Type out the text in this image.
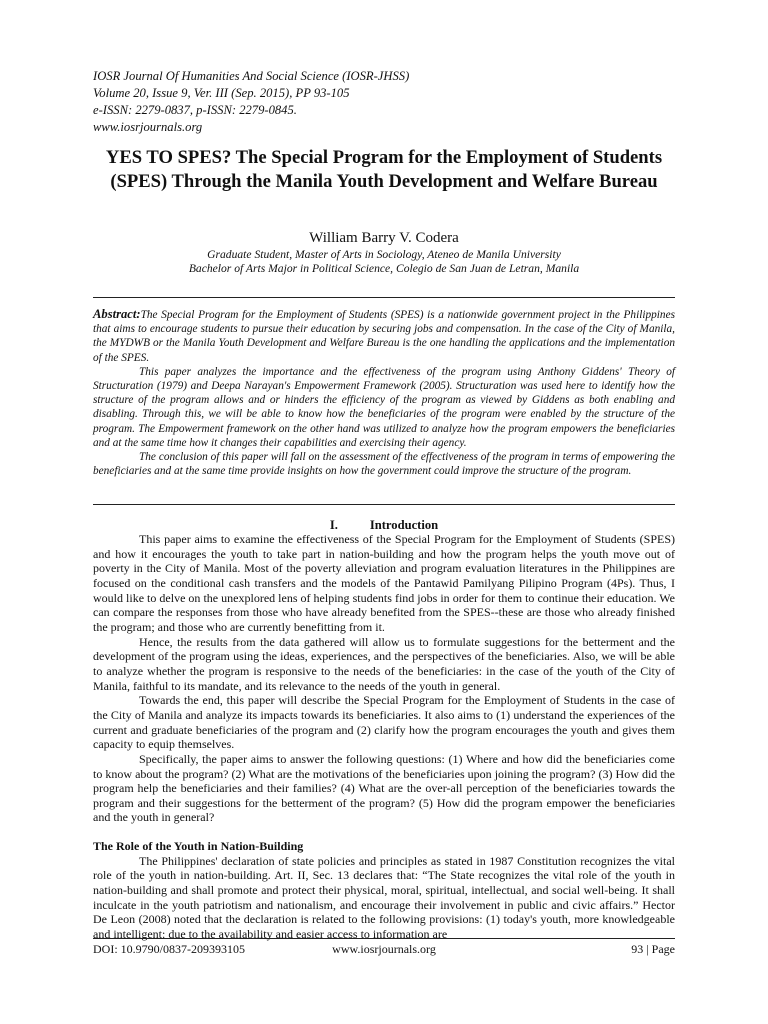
IOSR Journal Of Humanities And Social Science (IOSR-JHSS)
Volume 20, Issue 9, Ver. III (Sep. 2015), PP 93-105
e-ISSN: 2279-0837, p-ISSN: 2279-0845.
www.iosrjournals.org
YES TO SPES? The Special Program for the Employment of Students (SPES) Through the Manila Youth Development and Welfare Bureau
William Barry V. Codera
Graduate Student, Master of Arts in Sociology, Ateneo de Manila University
Bachelor of Arts Major in Political Science, Colegio de San Juan de Letran, Manila

Abstract:The Special Program for the Employment of Students (SPES) is a nationwide government project in the Philippines that aims to encourage students to pursue their education by securing jobs and compensation. In the case of the City of Manila, the MYDWB or the Manila Youth Development and Welfare Bureau is the one handling the applications and the implementation of the SPES.

This paper analyzes the importance and the effectiveness of the program using Anthony Giddens' Theory of Structuration (1979) and Deepa Narayan's Empowerment Framework (2005). Structuration was used here to identify how the structure of the program allows and or hinders the efficiency of the program as viewed by Giddens as both enabling and disabling. Through this, we will be able to know how the beneficiaries of the program were enabled by the structure of the program. The Empowerment framework on the other hand was utilized to analyze how the program empowers the beneficiaries and at the same time how it changes their capabilities and exercising their agency.

The conclusion of this paper will fall on the assessment of the effectiveness of the program in terms of empowering the beneficiaries and at the same time provide insights on how the government could improve the structure of the program.

I.	Introduction

This paper aims to examine the effectiveness of the Special Program for the Employment of Students (SPES) and how it encourages the youth to take part in nation-building and how the program helps the youth move out of poverty in the City of Manila. Most of the poverty alleviation and program evaluation literatures in the Philippines are focused on the conditional cash transfers and the models of the Pantawid Pamilyang Pilipino Program (4Ps). Thus, I would like to delve on the unexplored lens of helping students find jobs in order for them to continue their education. We can compare the responses from those who have already benefited from the SPES--these are those who already finished the program; and those who are currently benefitting from it.

Hence, the results from the data gathered will allow us to formulate suggestions for the betterment and the development of the program using the ideas, experiences, and the perspectives of the beneficiaries. Also, we will be able to analyze whether the program is responsive to the needs of the beneficiaries: in the case of the youth of the City of Manila, faithful to its mandate, and its relevance to the needs of the youth in general.

Towards the end, this paper will describe the Special Program for the Employment of Students in the case of the City of Manila and analyze its impacts towards its beneficiaries. It also aims to (1) understand the experiences of the current and graduate beneficiaries of the program and (2) clarify how the program encourages the youth and gives them capacity to equip themselves.

Specifically, the paper aims to answer the following questions: (1) Where and how did the beneficiaries come to know about the program? (2) What are the motivations of the beneficiaries upon joining the program? (3) How did the program help the beneficiaries and their families? (4) What are the over-all perception of the beneficiaries towards the program and their suggestions for the betterment of the program? (5) How did the program empower the beneficiaries and the youth in general?

The Role of the Youth in Nation-Building

The Philippines' declaration of state policies and principles as stated in 1987 Constitution recognizes the vital role of the youth in nation-building. Art. II, Sec. 13 declares that: “The State recognizes the vital role of the youth in nation-building and shall promote and protect their physical, moral, spiritual, intellectual, and social well-being. It shall inculcate in the youth patriotism and nationalism, and encourage their involvement in public and civic affairs.” Hector De Leon (2008) noted that the declaration is related to the following provisions: (1) today's youth, more knowledgeable and intelligent: due to the availability and easier access to information are

DOI: 10.9790/0837-209393105	www.iosrjournals.org	93 | Page
